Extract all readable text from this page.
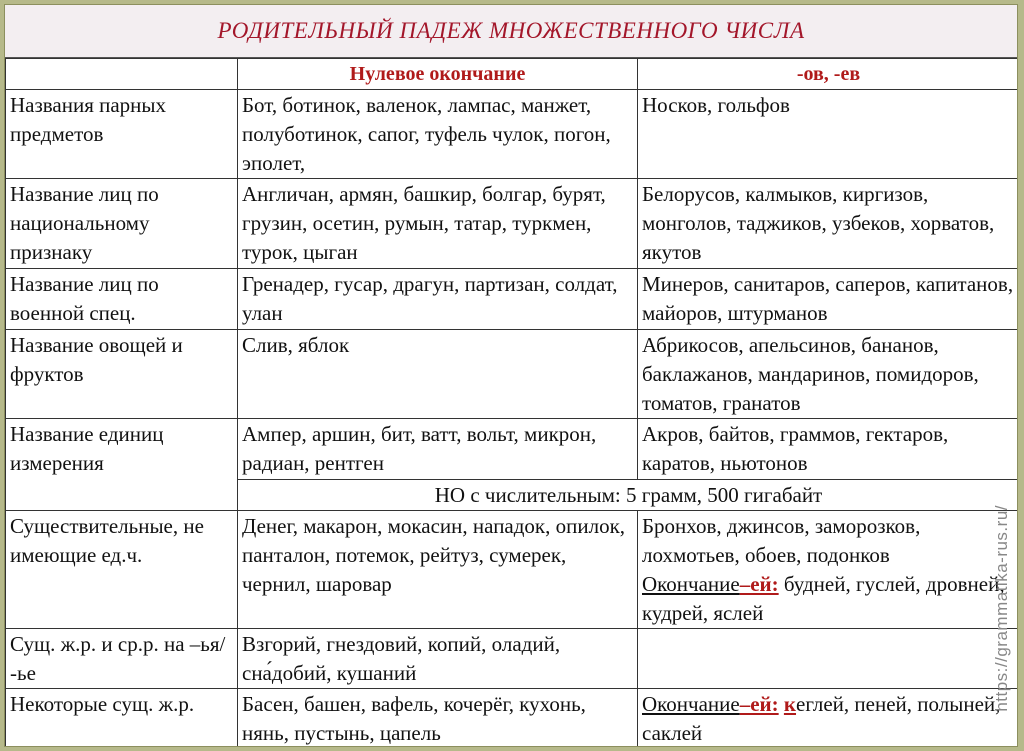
РОДИТЕЛЬНЫЙ ПАДЕЖ МНОЖЕСТВЕННОГО ЧИСЛА
	Нулевое окончание	-ов, -ев
Названия парных предметов	Бот, ботинок, валенок, лампас, манжет, полуботинок, сапог, туфель чулок, погон, эполет,	Носков, гольфов
Название лиц по национальному признаку	Англичан, армян, башкир, болгар, бурят, грузин, осетин, румын, татар, туркмен, турок, цыган	Белорусов, калмыков, киргизов, монголов, таджиков, узбеков, хорватов, якутов
Название лиц по военной спец.	Гренадер, гусар, драгун, партизан, солдат, улан	Минеров, санитаров, саперов, капитанов, майоров, штурманов
Название овощей и фруктов	Слив, яблок	Абрикосов, апельсинов, бананов, баклажанов, мандаринов, помидоров, томатов, гранатов
Название единиц измерения	Ампер, аршин, бит, ватт, вольт, микрон, радиан, рентген	Акров, байтов, граммов, гектаров, каратов, ньютонов
	НО с числительным: 5 грамм, 500 гигабайт	
Существительные, не имеющие ед.ч.	Денег, макарон, мокасин, нападок, опилок, панталон, потемок, рейтуз, сумерек, чернил, шаровар	Бронхов, джинсов, заморозков, лохмотьев, обоев, подонков
Окончание–ей: будней, гуслей, дровней, кудрей, яслей
Сущ. ж.р. и ср.р. на –ья/ -ье	Взгорий, гнездовий, копий, оладий, сна́добий, кушаний	
Некоторые сущ. ж.р.	Басен, башен, вафель, кочерёг, кухонь, нянь, пустынь, цапель	Окончание–ей: кеглей, пеней, полыней, саклей
https://grammatika-rus.ru/
